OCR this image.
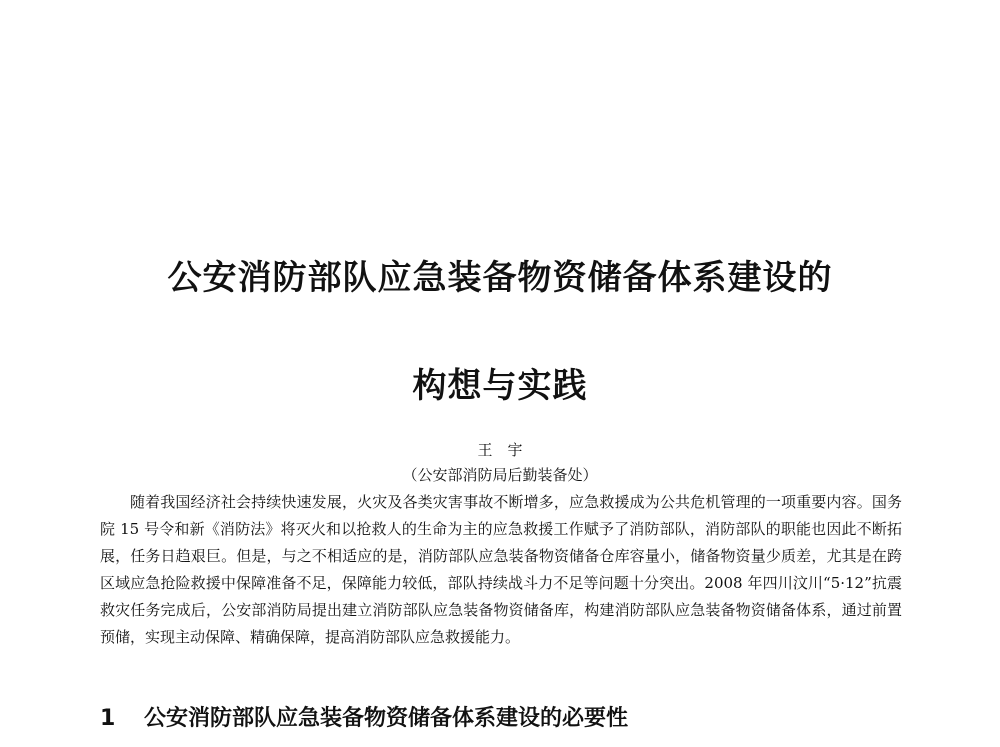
公安消防部队应急装备物资储备体系建设的
构想与实践
王　宇
（公安部消防局后勤装备处）

随着我国经济社会持续快速发展，火灾及各类灾害事故不断增多，应急救援成为公共危机管理的一项重要内容。国务院 15 号令和新《消防法》将灭火和以抢救人的生命为主的应急救援工作赋予了消防部队，消防部队的职能也因此不断拓展，任务日趋艰巨。但是，与之不相适应的是，消防部队应急装备物资储备仓库容量小，储备物资量少质差，尤其是在跨区域应急抢险救援中保障准备不足，保障能力较低，部队持续战斗力不足等问题十分突出。2008 年四川汶川“5·12”抗震救灾任务完成后，公安部消防局提出建立消防部队应急装备物资储备库，构建消防部队应急装备物资储备体系，通过前置预储，实现主动保障、精确保障，提高消防部队应急救援能力。

1 公安消防部队应急装备物资储备体系建设的必要性
